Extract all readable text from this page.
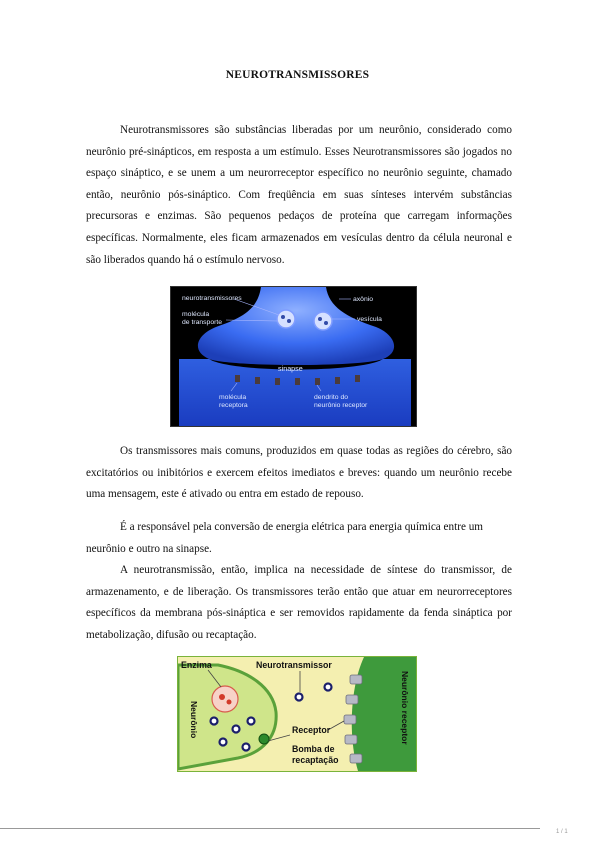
NEUROTRANSMISSORES

Neurotransmissores são substâncias liberadas por um neurônio, considerado como neurônio pré-sinápticos, em resposta a um estímulo. Esses Neurotransmissores são jogados no espaço sináptico, e se unem a um neurorreceptor específico no neurônio seguinte, chamado então, neurônio pós-sináptico. Com freqüência em suas sínteses intervém substâncias precursoras e enzimas. São pequenos pedaços de proteína que carregam informações específicas. Normalmente, eles ficam armazenados em vesículas dentro da célula neuronal e são liberados quando há o estímulo nervoso.

neurotransmissores
molécula
de transporte
axônio
vesícula
sinapse
molécula
receptora
dendrito do
neurônio receptor

Os transmissores mais comuns, produzidos em quase todas as regiões do cérebro, são excitatórios ou inibitórios e exercem efeitos imediatos e breves: quando um neurônio recebe uma mensagem, este é ativado ou entra em estado de repouso.

É a responsável pela conversão de energia elétrica para energia química entre um neurônio e outro na sinapse.

A neurotransmissão, então, implica na necessidade de síntese do transmissor, de armazenamento, e de liberação. Os transmissores terão então que atuar em neurorreceptores específicos da membrana pós-sináptica e ser removidos rapidamente da fenda sináptica por metabolização, difusão ou recaptação.

Enzima	Neurotransmissor
Receptor
Bomba de
recaptação
Neurônio	Neurônio receptor
1 / 1
